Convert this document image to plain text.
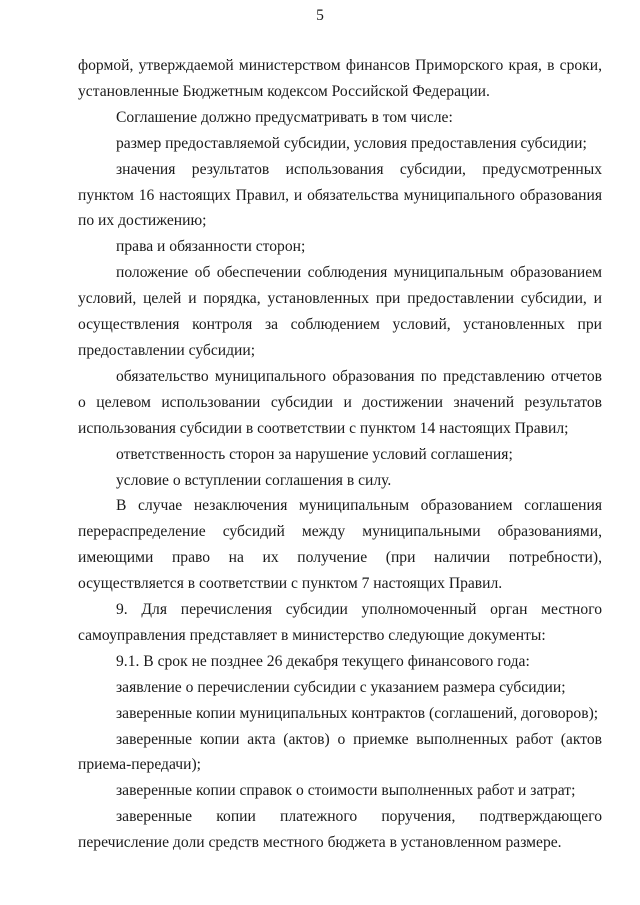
5

формой, утверждаемой министерством финансов Приморского края, в сроки, установленные Бюджетным кодексом Российской Федерации.

Соглашение должно предусматривать в том числе:

размер предоставляемой субсидии, условия предоставления субсидии;

значения результатов использования субсидии, предусмотренных пунктом 16 настоящих Правил, и обязательства муниципального образования по их достижению;

права и обязанности сторон;

положение об обеспечении соблюдения муниципальным образованием условий, целей и порядка, установленных при предоставлении субсидии, и осуществления контроля за соблюдением условий, установленных при предоставлении субсидии;

обязательство муниципального образования по представлению отчетов о целевом использовании субсидии и достижении значений результатов использования субсидии в соответствии с пунктом 14 настоящих Правил;

ответственность сторон за нарушение условий соглашения;

условие о вступлении соглашения в силу.

В случае незаключения муниципальным образованием соглашения перераспределение субсидий между муниципальными образованиями, имеющими право на их получение (при наличии потребности), осуществляется в соответствии с пунктом 7 настоящих Правил.

9. Для перечисления субсидии уполномоченный орган местного самоуправления представляет в министерство следующие документы:

9.1. В срок не позднее 26 декабря текущего финансового года:

заявление о перечислении субсидии с указанием размера субсидии;

заверенные копии муниципальных контрактов (соглашений, договоров);

заверенные копии акта (актов) о приемке выполненных работ (актов приема-передачи);

заверенные копии справок о стоимости выполненных работ и затрат;

заверенные копии платежного поручения, подтверждающего перечисление доли средств местного бюджета в установленном размере.
